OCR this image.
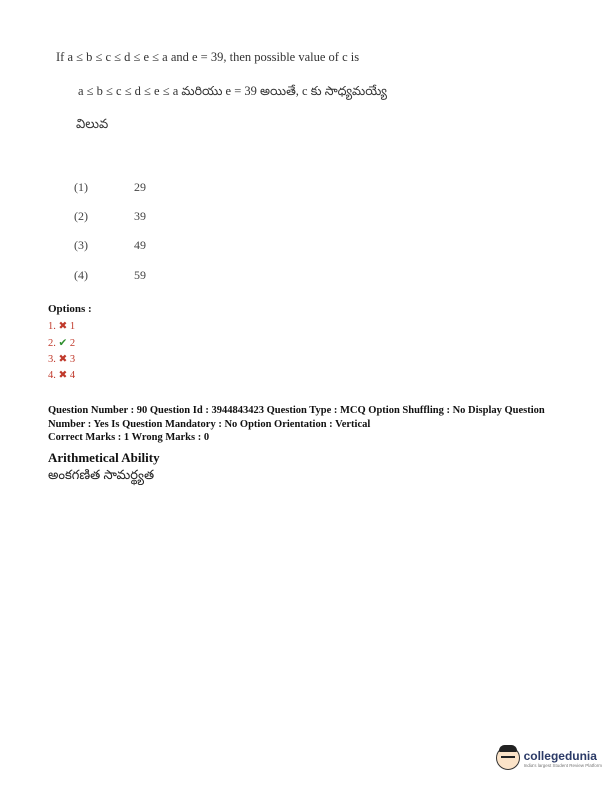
If a ≤ b ≤ c ≤ d ≤ e ≤ a and e = 39, then possible value of c is
a ≤ b ≤ c ≤ d ≤ e ≤ a మరియు e = 39 అయితే, c కు సాధ్యమయ్యే
విలువ
(1)	29
(2)	39
(3)	49
(4)	59
Options :
1. ✖ 1
2. ✔ 2
3. ✖ 3
4. ✖ 4
Question Number : 90 Question Id : 3944843423 Question Type : MCQ Option Shuffling : No Display Question
Number : Yes Is Question Mandatory : No Option Orientation : Vertical
Correct Marks : 1 Wrong Marks : 0
Arithmetical Ability
అంకగణిత సామర్థ్యత
collegedunia
India's largest Student Review Platform
